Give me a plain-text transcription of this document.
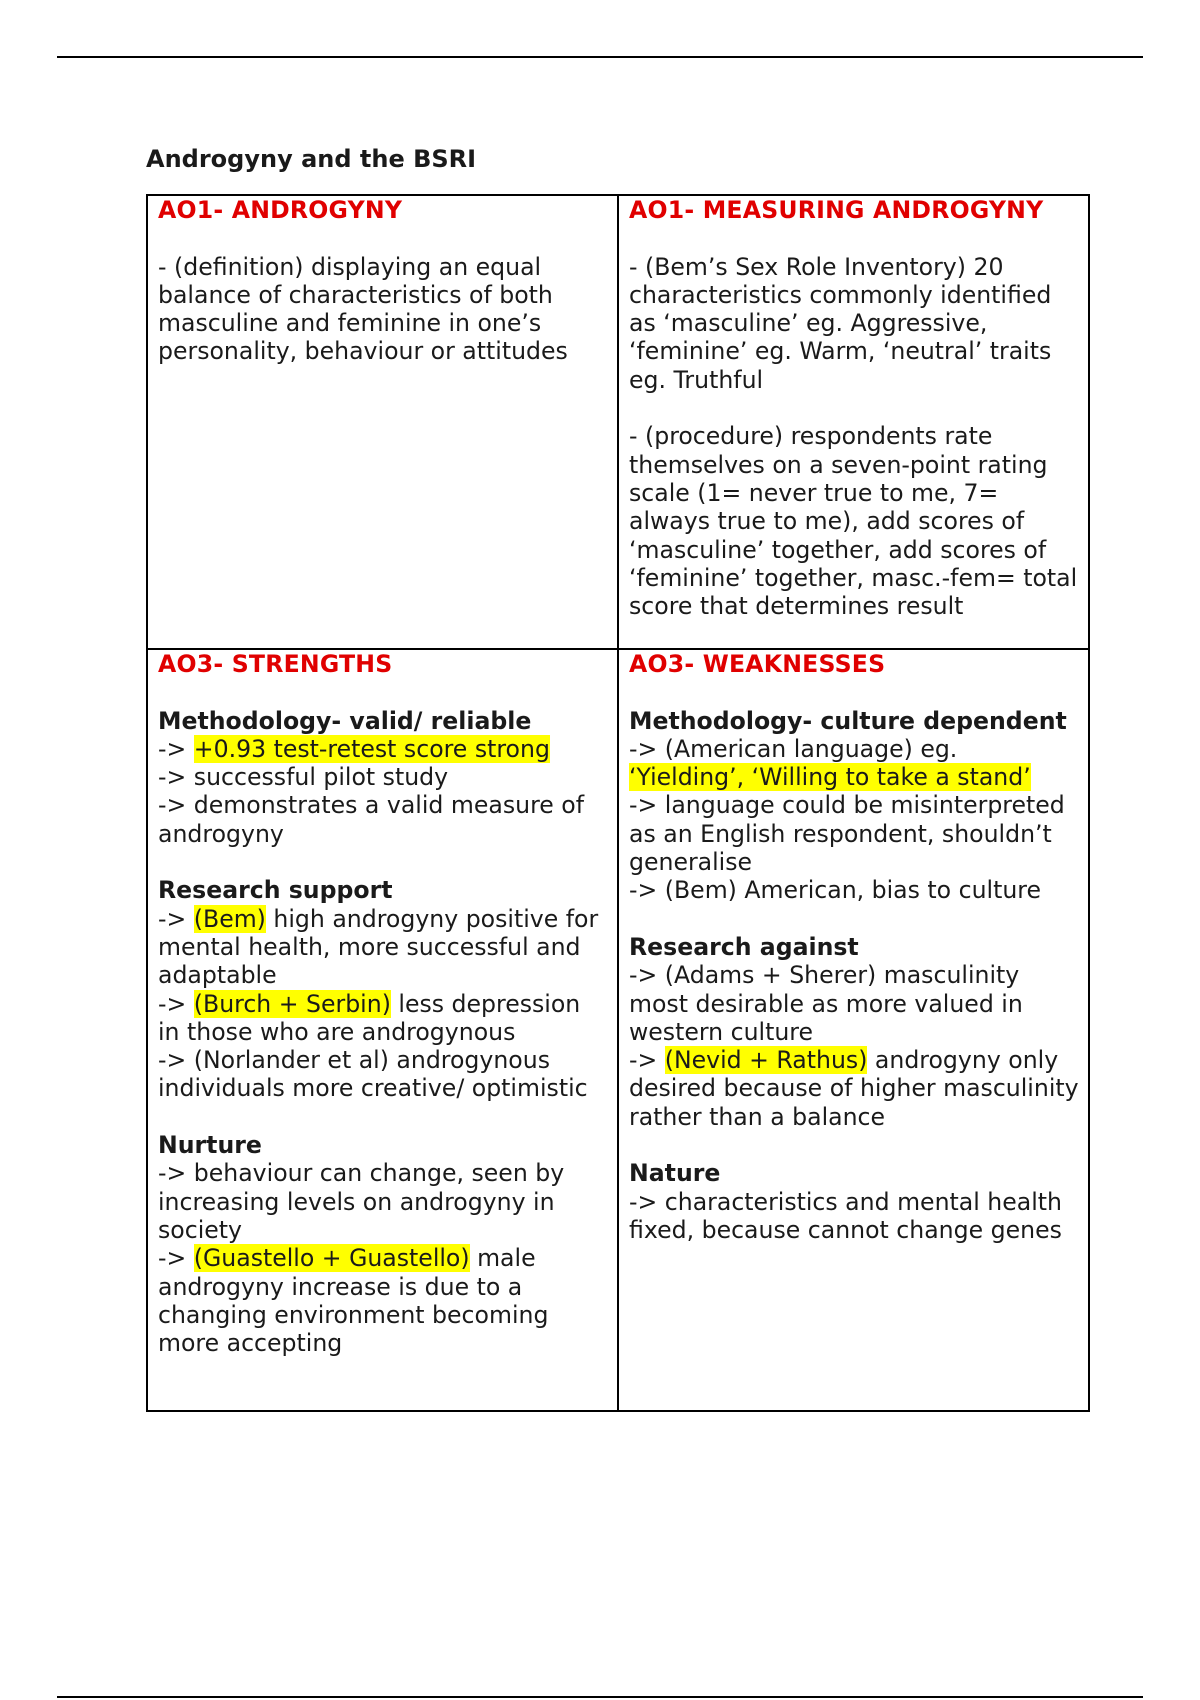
Androgyny and the BSRI
AO1- ANDROGYNY
- (definition) displaying an equal balance of characteristics of both masculine and feminine in one’s personality, behaviour or attitudes
AO1- MEASURING ANDROGYNY
- (Bem’s Sex Role Inventory) 20 characteristics commonly identified as ‘masculine’ eg. Aggressive, ‘feminine’ eg. Warm, ‘neutral’ traits eg. Truthful
- (procedure) respondents rate themselves on a seven-point rating scale (1= never true to me, 7= always true to me), add scores of ‘masculine’ together, add scores of ‘feminine’ together, masc.-fem= total score that determines result
AO3- STRENGTHS
Methodology- valid/ reliable
-> +0.93 test-retest score strong
-> successful pilot study
-> demonstrates a valid measure of androgyny
Research support
-> (Bem) high androgyny positive for mental health, more successful and adaptable
-> (Burch + Serbin) less depression in those who are androgynous
-> (Norlander et al) androgynous individuals more creative/ optimistic
Nurture
-> behaviour can change, seen by increasing levels on androgyny in society
-> (Guastello + Guastello) male androgyny increase is due to a changing environment becoming more accepting
AO3- WEAKNESSES
Methodology- culture dependent
-> (American language) eg.
‘Yielding’, ‘Willing to take a stand’
-> language could be misinterpreted as an English respondent, shouldn’t generalise
-> (Bem) American, bias to culture
Research against
-> (Adams + Sherer) masculinity most desirable as more valued in western culture
-> (Nevid + Rathus) androgyny only desired because of higher masculinity rather than a balance
Nature
-> characteristics and mental health fixed, because cannot change genes
